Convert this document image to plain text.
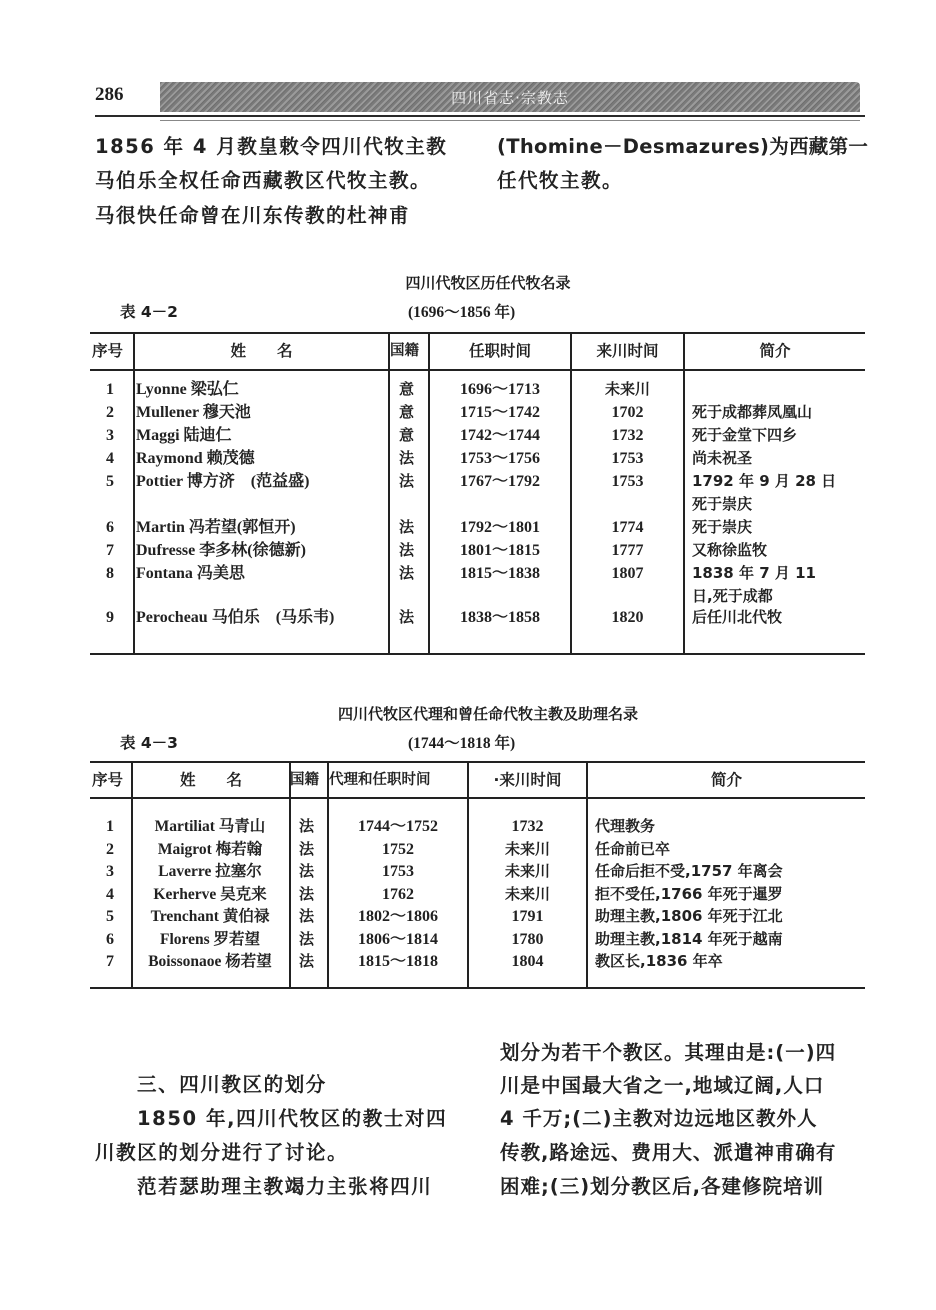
286	四川省志·宗教志
1856 年 4 月教皇敕令四川代牧主教
马伯乐全权任命西藏教区代牧主教。
马很快任命曾在川东传教的杜神甫
(Thomine－Desmazures)为西藏第一
任代牧主教。
四川代牧区历任代牧名录
表 4－2	(1696～1856 年)
序号	姓　　名	国籍	任职时间	来川时间	简介
1 Lyonne 梁弘仁	意	1696～1713	未来川
2 Mullener 穆天池	意	1715～1742	1702	死于成都葬凤凰山
3 Maggi 陆迪仁	意	1742～1744	1732	死于金堂下四乡
4 Raymond 赖茂德	法	1753～1756	1753	尚未祝圣
5 Pottier 博方济　(范益盛)	法	1767～1792	1753	1792 年 9 月 28 日
死于崇庆
6 Martin 冯若望(郭恒开)	法	1792～1801	1774	死于崇庆
7 Dufresse 李多林(徐德新)	法	1801～1815	1777	又称徐监牧
8 Fontana 冯美思	法	1815～1838	1807	1838 年 7 月 11
日,死于成都
9 Perocheau 马伯乐　(马乐韦)	法	1838～1858	1820	后任川北代牧
四川代牧区代理和曾任命代牧主教及助理名录
表 4－3	(1744～1818 年)
序号	姓　　名	国籍 代理和任职时间	·来川时间	简介
1	Martiliat 马青山	法	1744～1752	1732	代理教务
2	Maigrot 梅若翰	法	1752	未来川	任命前已卒
3	Laverre 拉塞尔	法	1753	未来川	任命后拒不受,1757 年离会
4	Kerherve 吴克来	法	1762	未来川	拒不受任,1766 年死于暹罗
5	Trenchant 黄伯禄	法	1802～1806	1791	助理主教,1806 年死于江北
6	Florens 罗若望	法	1806～1814	1780	助理主教,1814 年死于越南
7	Boissonaoe 杨若望	法	1815～1818	1804	教区长,1836 年卒
三、四川教区的划分
1850 年,四川代牧区的教士对四
川教区的划分进行了讨论。
范若瑟助理主教竭力主张将四川
划分为若干个教区。其理由是:(一)四
川是中国最大省之一,地域辽阔,人口
4 千万;(二)主教对边远地区教外人
传教,路途远、费用大、派遣神甫确有
困难;(三)划分教区后,各建修院培训
